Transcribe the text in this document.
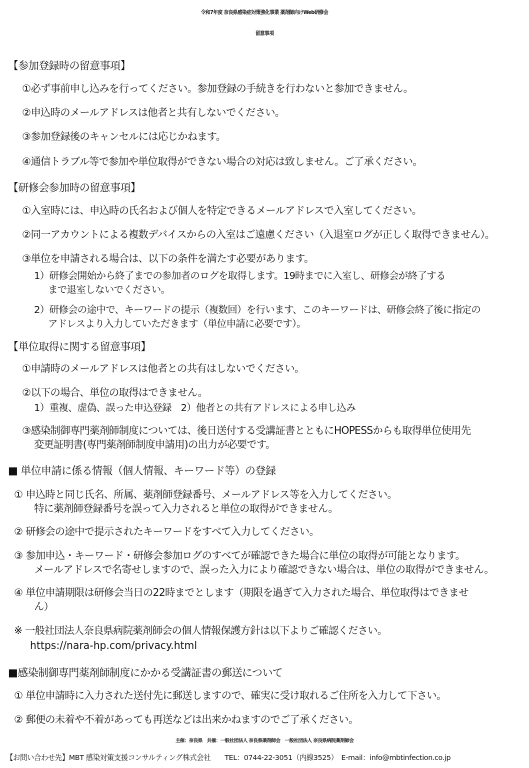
令和7年度 奈良県感染症対策強化事業 薬剤師向けWeb研修会
留意事項
【参加登録時の留意事項】
①必ず事前申し込みを行ってください。参加登録の手続きを行わないと参加できません。
②申込時のメールアドレスは他者と共有しないでください。
③参加登録後のキャンセルには応じかねます。
④通信トラブル等で参加や単位取得ができない場合の対応は致しません。ご了承ください。
【研修会参加時の留意事項】
①入室時には、申込時の氏名および個人を特定できるメールアドレスで入室してください。
②同一アカウントによる複数デバイスからの入室はご遠慮ください（入退室ログが正しく取得できません）。
③単位を申請される場合は、以下の条件を満たす必要があります。
1）研修会開始から終了までの参加者のログを取得します。19時までに入室し、研修会が終了する
まで退室しないでください。
2）研修会の途中で、キーワードの提示（複数回）を行います、このキーワードは、研修会終了後に指定の
アドレスより入力していただきます（単位申請に必要です）。
【単位取得に関する留意事項】
①申請時のメールアドレスは他者との共有はしないでください。
②以下の場合、単位の取得はできません。
1）重複、虚偽、誤った申込登録　2）他者との共有アドレスによる申し込み
③感染制御専門薬剤師制度については、後日送付する受講証書とともにHOPESSからも取得単位使用先
変更証明書(専門薬剤師制度申請用)の出力が必要です。
■ 単位申請に係る情報（個人情報、キーワード等）の登録
① 申込時と同じ氏名、所属、薬剤師登録番号、メールアドレス等を入力してください。
特に薬剤師登録番号を誤って入力されると単位の取得ができません。
② 研修会の途中で提示されたキーワードをすべて入力してください。
③ 参加申込・キーワード・研修会参加ログのすべてが確認できた場合に単位の取得が可能となります。
メールアドレスで名寄せしますので、誤った入力により確認できない場合は、単位の取得ができません。
④ 単位申請期限は研修会当日の22時までとします（期限を過ぎて入力された場合、単位取得はできませ
ん）
※ 一般社団法人奈良県病院薬剤師会の個人情報保護方針は以下よりご確認ください。
https://nara-hp.com/privacy.html
■感染制御専門薬剤師制度にかかる受講証書の郵送について
① 単位申請時に入力された送付先に郵送しますので、確実に受け取れるご住所を入力して下さい。
② 郵便の未着や不着があっても再送などは出来かねますのでご了承ください。
主催：奈良県　共催：一般社団法人 奈良県薬剤師会　一般社団法人 奈良県病院薬剤師会
【お問い合わせ先】MBT 感染対策支援コンサルティング株式会社　　TEL：0744-22-3051（内線3525）　E-mail：info@mbtinfection.co.jp
